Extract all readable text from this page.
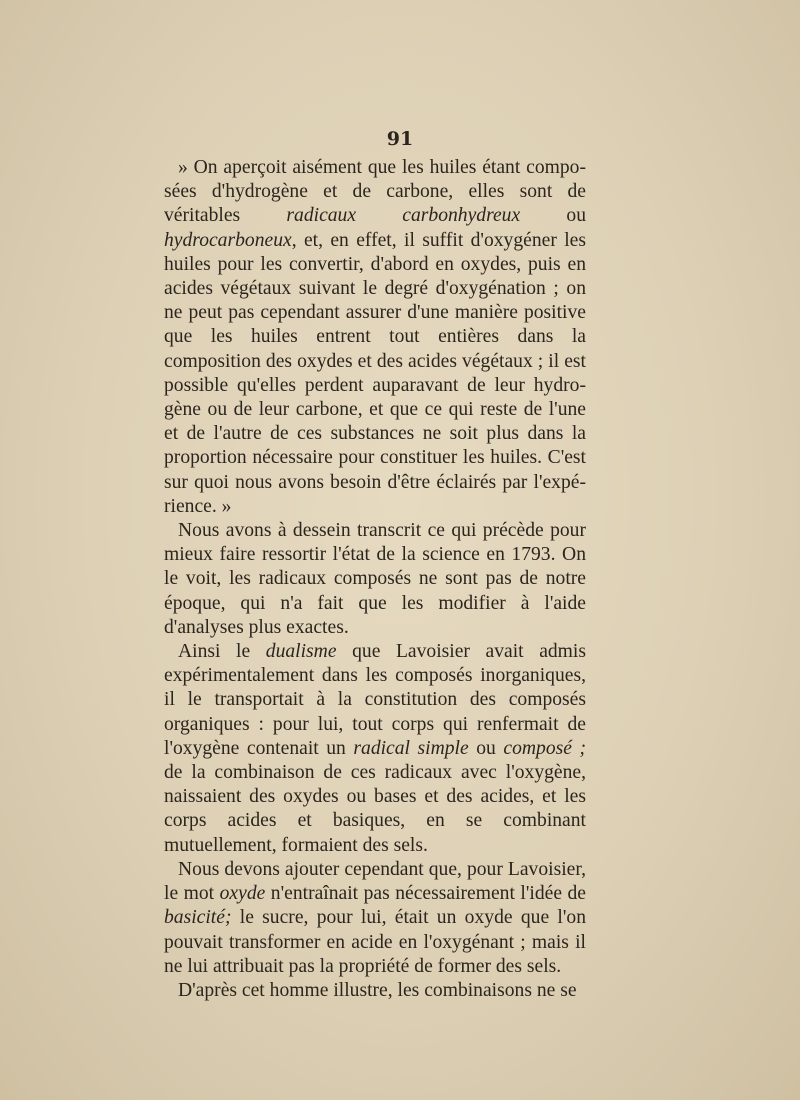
91

» On aperçoit aisément que les huiles étant composées d'hydrogène et de carbone, elles sont de véritables radicaux carbonhydreux ou hydrocarboneux, et, en effet, il suffit d'oxygéner les huiles pour les convertir, d'abord en oxydes, puis en acides végétaux suivant le degré d'oxygénation ; on ne peut pas cependant assurer d'une manière positive que les huiles entrent tout entières dans la composition des oxydes et des acides végétaux ; il est possible qu'elles perdent auparavant de leur hydrogène ou de leur carbone, et que ce qui reste de l'une et de l'autre de ces substances ne soit plus dans la proportion nécessaire pour constituer les huiles. C'est sur quoi nous avons besoin d'être éclairés par l'expérience. »

Nous avons à dessein transcrit ce qui précède pour mieux faire ressortir l'état de la science en 1793. On le voit, les radicaux composés ne sont pas de notre époque, qui n'a fait que les modifier à l'aide d'analyses plus exactes.

Ainsi le dualisme que Lavoisier avait admis expérimentalement dans les composés inorganiques, il le transportait à la constitution des composés organiques : pour lui, tout corps qui renfermait de l'oxygène contenait un radical simple ou composé ; de la combinaison de ces radicaux avec l'oxygène, naissaient des oxydes ou bases et des acides, et les corps acides et basiques, en se combinant mutuellement, formaient des sels.

Nous devons ajouter cependant que, pour Lavoisier, le mot oxyde n'entraînait pas nécessairement l'idée de basicité; le sucre, pour lui, était un oxyde que l'on pouvait transformer en acide en l'oxygénant ; mais il ne lui attribuait pas la propriété de former des sels.

D'après cet homme illustre, les combinaisons ne se
